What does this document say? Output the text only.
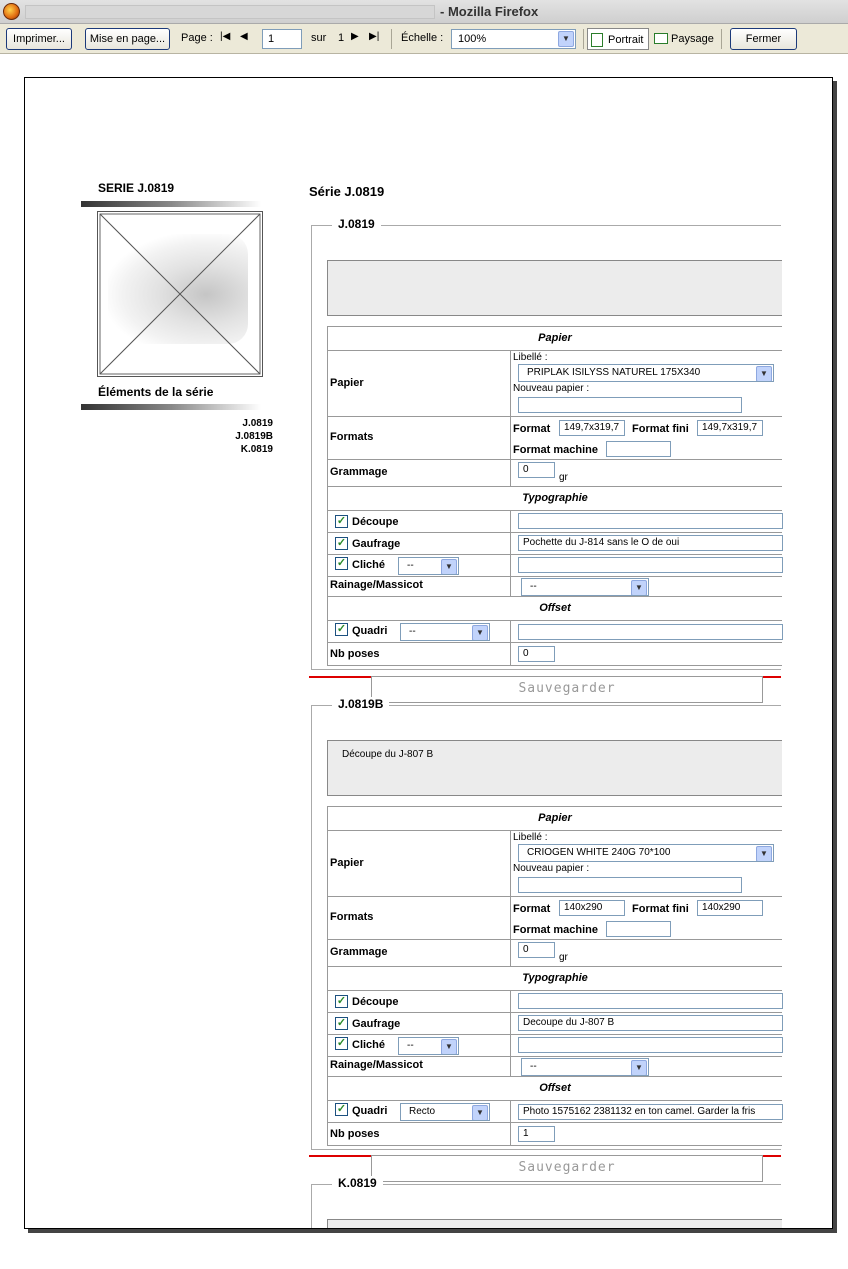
- Mozilla Firefox
Imprimer...	Mise en page...	Page : |◀ ◀	1	sur 1 ▶ ▶| Échelle :	100%	▼	Portrait	Paysage	Fermer
SERIE J.0819
Éléments de la série
J.0819
J.0819B
K.0819
Série J.0819
J.0819
Papier
Papier
Libellé :
PRIPLAK ISILYSS NATUREL 175X340	▼
Nouveau papier :
Formats
Format	149,7x319,7	Format fini	149,7x319,7
Format machine
Grammage	0
gr
Typographie
✓ Découpe
✓ Gaufrage	Pochette du J-814 sans le O de oui
✓ Cliché	--	▼
Rainage/Massicot	--	▼
Offset
✓ Quadri	--	▼
Nb poses	0
Sauvegarder
J.0819B
Découpe du J-807 B
Papier
Papier
Libellé :
CRIOGEN WHITE 240G 70*100	▼
Nouveau papier :
Formats
Format	140x290	Format fini	140x290
Format machine
Grammage	0
gr
Typographie
✓ Découpe
✓ Gaufrage	Decoupe du J-807 B
✓ Cliché	--	▼
Rainage/Massicot	--	▼
Offset
✓ Quadri	Recto	▼	Photo 1575162 2381132 en ton camel. Garder la fris
Nb poses	1
Sauvegarder
K.0819
